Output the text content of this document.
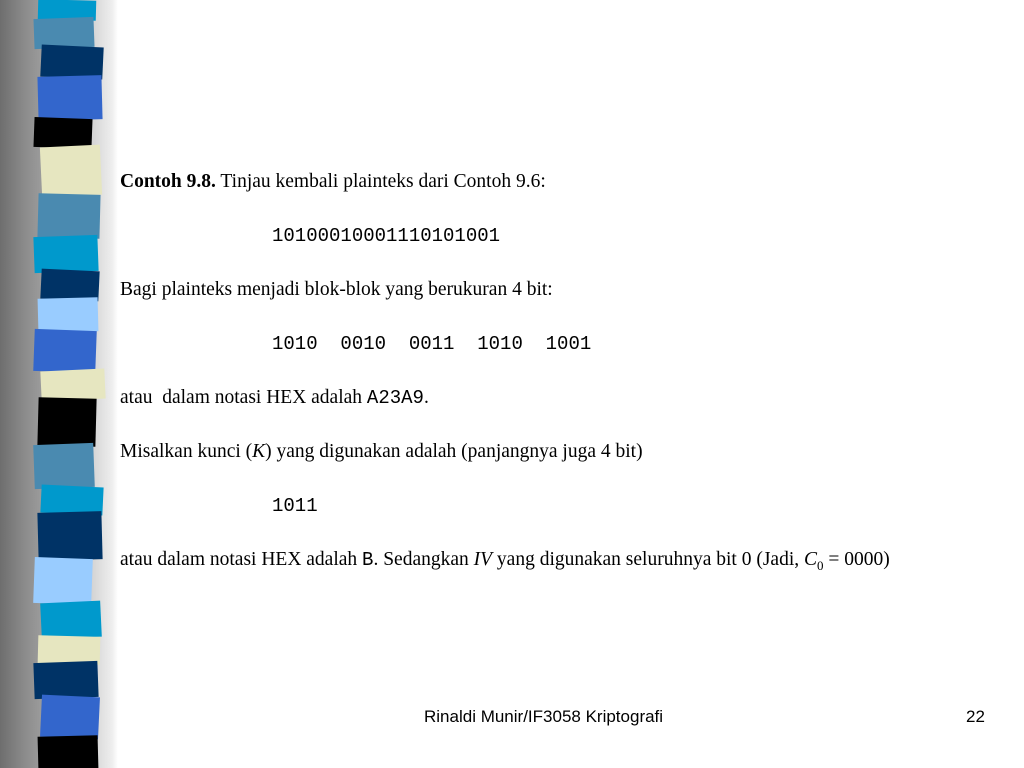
Contoh 9.8. Tinjau kembali plainteks dari Contoh 9.6:

10100010001110101001

Bagi plainteks menjadi blok-blok yang berukuran 4 bit:

1010  0010  0011  1010  1001

atau  dalam notasi HEX adalah A23A9.

Misalkan kunci (K) yang digunakan adalah (panjangnya juga 4 bit)

1011

atau dalam notasi HEX adalah B. Sedangkan IV yang digunakan seluruhnya bit 0 (Jadi, $C_0 = 0000$)

Rinaldi Munir/IF3058 Kriptografi	22
